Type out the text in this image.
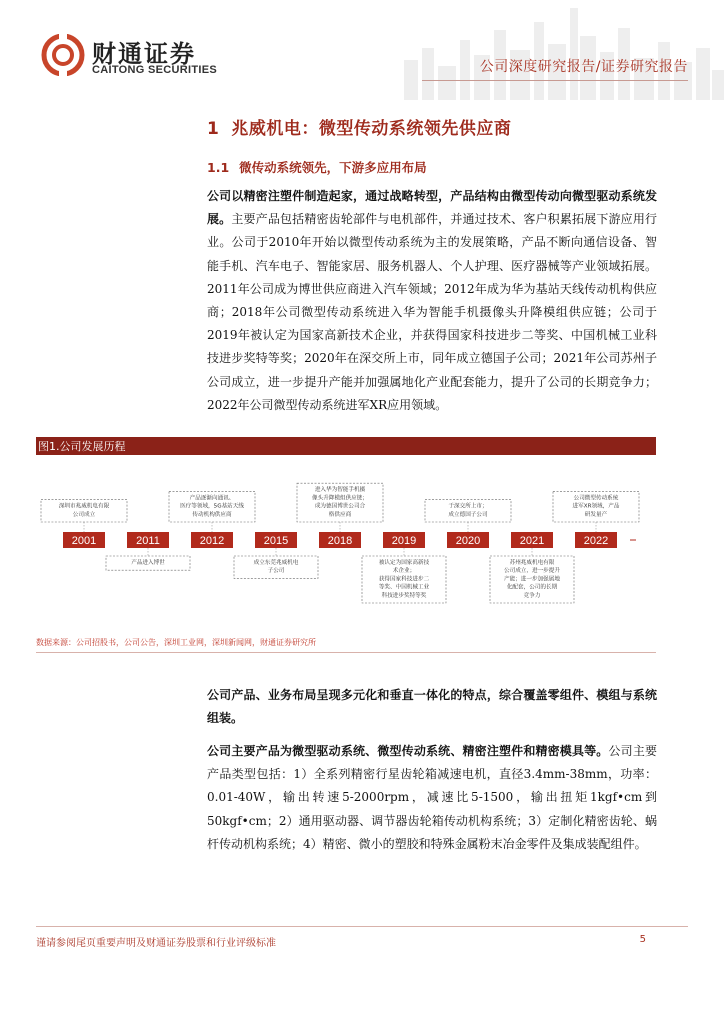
财通证券
CAITONG SECURITIES	公司深度研究报告/证券研究报告
1 兆威机电：微型传动系统领先供应商
1.1 微传动系统领先，下游多应用布局
公司以精密注塑件制造起家，通过战略转型，产品结构由微型传动向微型驱动系统发展。主要产品包括精密齿轮部件与电机部件，并通过技术、客户积累拓展下游应用行业。公司于2010年开始以微型传动系统为主的发展策略，产品不断向通信设备、智能手机、汽车电子、智能家居、服务机器人、个人护理、医疗器械等产业领域拓展。2011年公司成为博世供应商进入汽车领域；2012年成为华为基站天线传动机构供应商；2018年公司微型传动系统进入华为智能手机摄像头升降模组供应链；公司于2019年被认定为国家高新技术企业，并获得国家科技进步二等奖、中国机械工业科技进步奖特等奖；2020年在深交所上市，同年成立德国子公司；2021年公司苏州子公司成立，进一步提升产能并加强属地化产业配套能力，提升了公司的长期竞争力；2022年公司微型传动系统进军XR应用领域。
图1.公司发展历程
2001	2011	2012	2015	2018	2019	2020	2021	2022
深圳市兆威机电有限
公司成立
产品逐渐向通讯、
医疗等领域，5G基站天线
传动机构供应商
进入华为智能手机摄
像头升降模组供应链；
成为德国博世公司合
格供应商
于深交所上市；
成立德国子公司
公司微型传动系统
进军XR领域，产品
研发量产
产品进入博世	成立东莞兆威机电
子公司
被认定为国家高新技
术企业；
获得国家科技进步二
等奖、中国机械工业
科技进步奖特等奖
苏州兆威机电有限
公司成立，进一步提升
产能；进一步加强属地
化配套，公司的长期
竞争力
数据来源：公司招股书，公司公告，深圳工业网，深圳新闻网，财通证券研究所
公司产品、业务布局呈现多元化和垂直一体化的特点，综合覆盖零组件、模组与系统组装。
公司主要产品为微型驱动系统、微型传动系统、精密注塑件和精密模具等。公司主要产品类型包括：1）全系列精密行星齿轮箱减速电机，直径3.4mm-38mm，功率：0.01-40W，输出转速5-2000rpm，减速比5-1500，输出扭矩1kgf•cm到50kgf•cm；2）通用驱动器、调节器齿轮箱传动机构系统；3）定制化精密齿轮、蜗杆传动机构系统；4）精密、微小的塑胶和特殊金属粉末冶金零件及集成装配组件。
谨请参阅尾页重要声明及财通证券股票和行业评级标准	5
